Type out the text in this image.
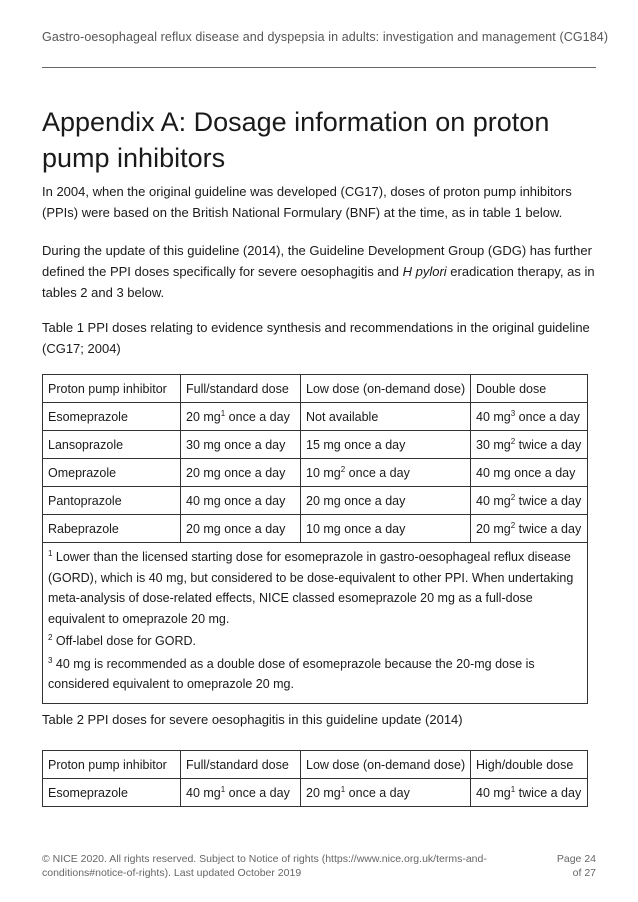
Gastro-oesophageal reflux disease and dyspepsia in adults: investigation and management (CG184)
Appendix A: Dosage information on proton pump inhibitors

In 2004, when the original guideline was developed (CG17), doses of proton pump inhibitors (PPIs) were based on the British National Formulary (BNF) at the time, as in table 1 below.

During the update of this guideline (2014), the Guideline Development Group (GDG) has further defined the PPI doses specifically for severe oesophagitis and H pylori eradication therapy, as in tables 2 and 3 below.

Table 1 PPI doses relating to evidence synthesis and recommendations in the original guideline (CG17; 2004)

Proton pump inhibitor	Full/standard dose	Low dose (on-demand dose)	Double dose
Esomeprazole	20 $mg^1$ once a day	Not available	40 $mg^3$ once a day
Lansoprazole	30 mg once a day	15 mg once a day	30 $mg^2$ twice a day
Omeprazole	20 mg once a day	10 $mg^2$ once a day	40 mg once a day
Pantoprazole	40 mg once a day	20 mg once a day	40 $mg^2$ twice a day
Rabeprazole	20 mg once a day	10 mg once a day	20 $mg^2$ twice a day

$^1$ Lower than the licensed starting dose for esomeprazole in gastro-oesophageal reflux disease (GORD), which is 40 mg, but considered to be dose-equivalent to other PPI. When undertaking meta-analysis of dose-related effects, NICE classed esomeprazole 20 mg as a full-dose equivalent to omeprazole 20 mg.

$^2$ Off-label dose for GORD.

$^3$ 40 mg is recommended as a double dose of esomeprazole because the 20-mg dose is considered equivalent to omeprazole 20 mg.			

Table 2 PPI doses for severe oesophagitis in this guideline update (2014)

Proton pump inhibitor	Full/standard dose	Low dose (on-demand dose)	High/double dose
Esomeprazole	40 $mg^1$ once a day	20 $mg^1$ once a day	40 $mg^1$ twice a day
© NICE 2020. All rights reserved. Subject to Notice of rights (https://www.nice.org.uk/terms-and-conditions#notice-of-rights). Last updated October 2019
Page 24
of 27
